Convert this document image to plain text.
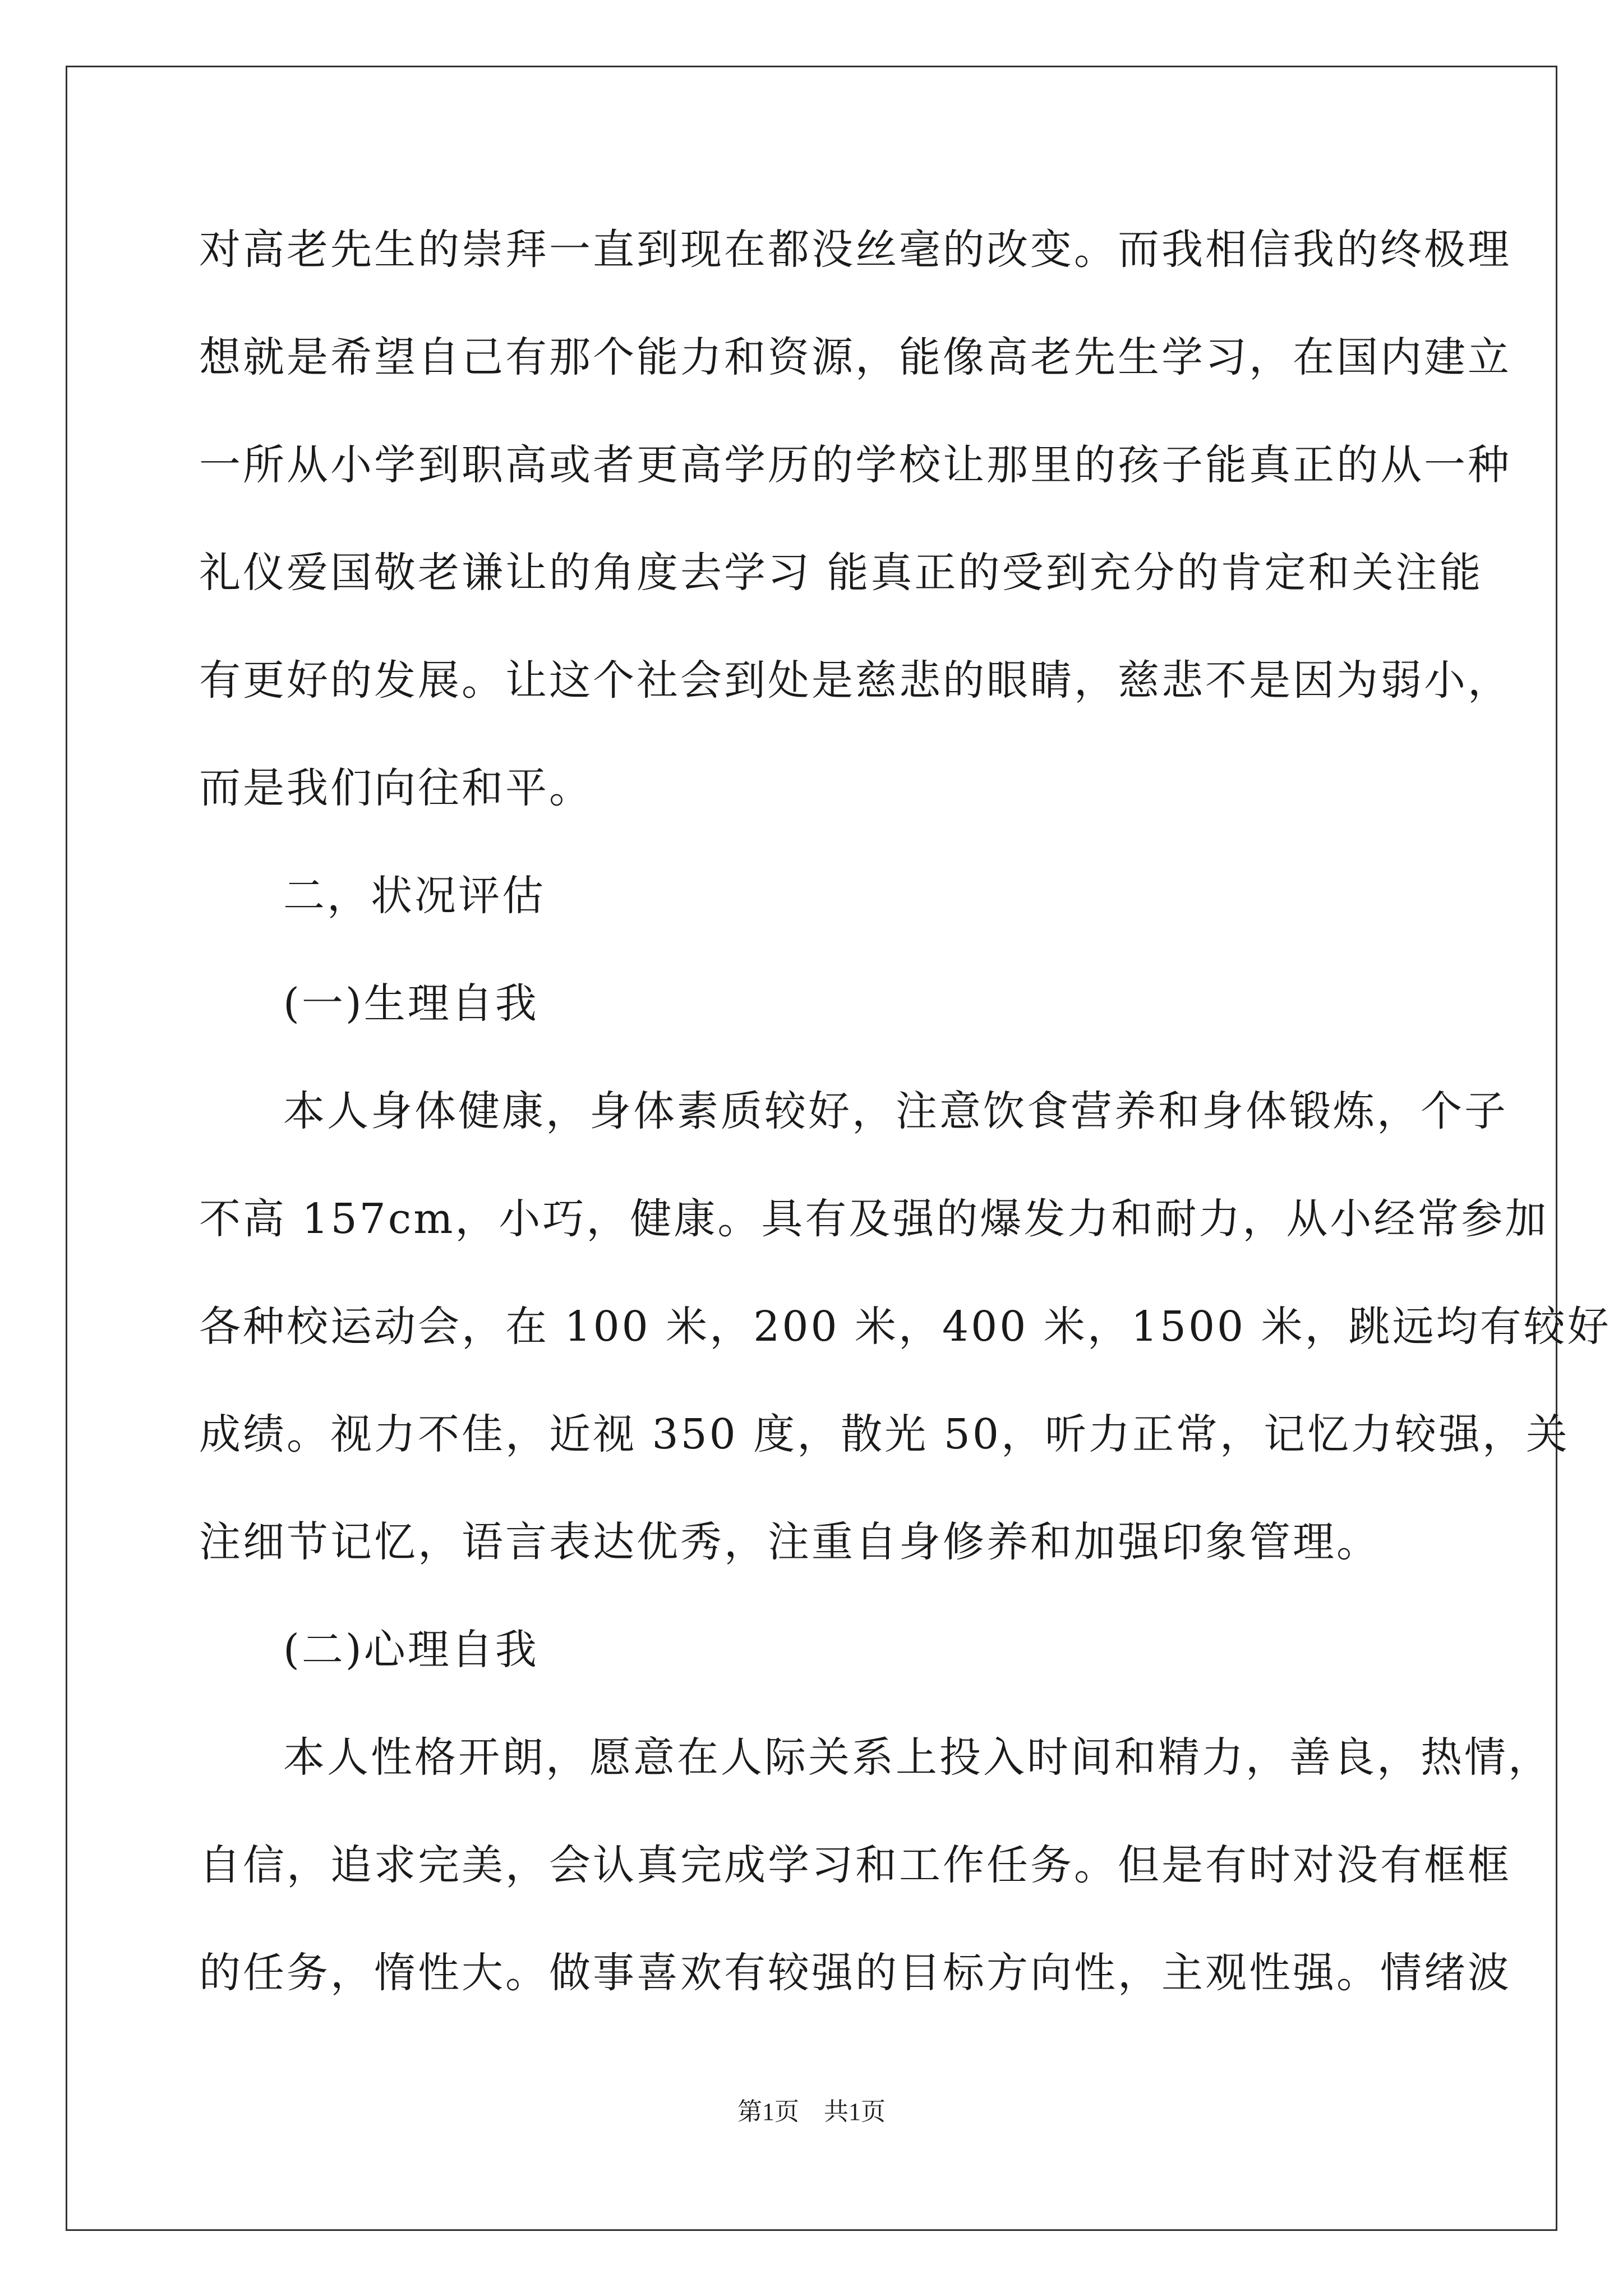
对高老先生的崇拜一直到现在都没丝毫的改变。而我相信我的终极理
想就是希望自己有那个能力和资源，能像高老先生学习，在国内建立
一所从小学到职高或者更高学历的学校让那里的孩子能真正的从一种
礼仪爱国敬老谦让的角度去学习 能真正的受到充分的肯定和关注能
有更好的发展。让这个社会到处是慈悲的眼睛，慈悲不是因为弱小，
而是我们向往和平。
二，状况评估
(一)生理自我
本人身体健康，身体素质较好，注意饮食营养和身体锻炼，个子
不高 157cm，小巧，健康。具有及强的爆发力和耐力，从小经常参加
各种校运动会，在 100 米，200 米，400 米，1500 米，跳远均有较好
成绩。视力不佳，近视 350 度，散光 50，听力正常，记忆力较强，关
注细节记忆，语言表达优秀，注重自身修养和加强印象管理。
(二)心理自我
本人性格开朗，愿意在人际关系上投入时间和精力，善良，热情，
自信，追求完美，会认真完成学习和工作任务。但是有时对没有框框
的任务，惰性大。做事喜欢有较强的目标方向性，主观性强。情绪波
第1页　共1页
